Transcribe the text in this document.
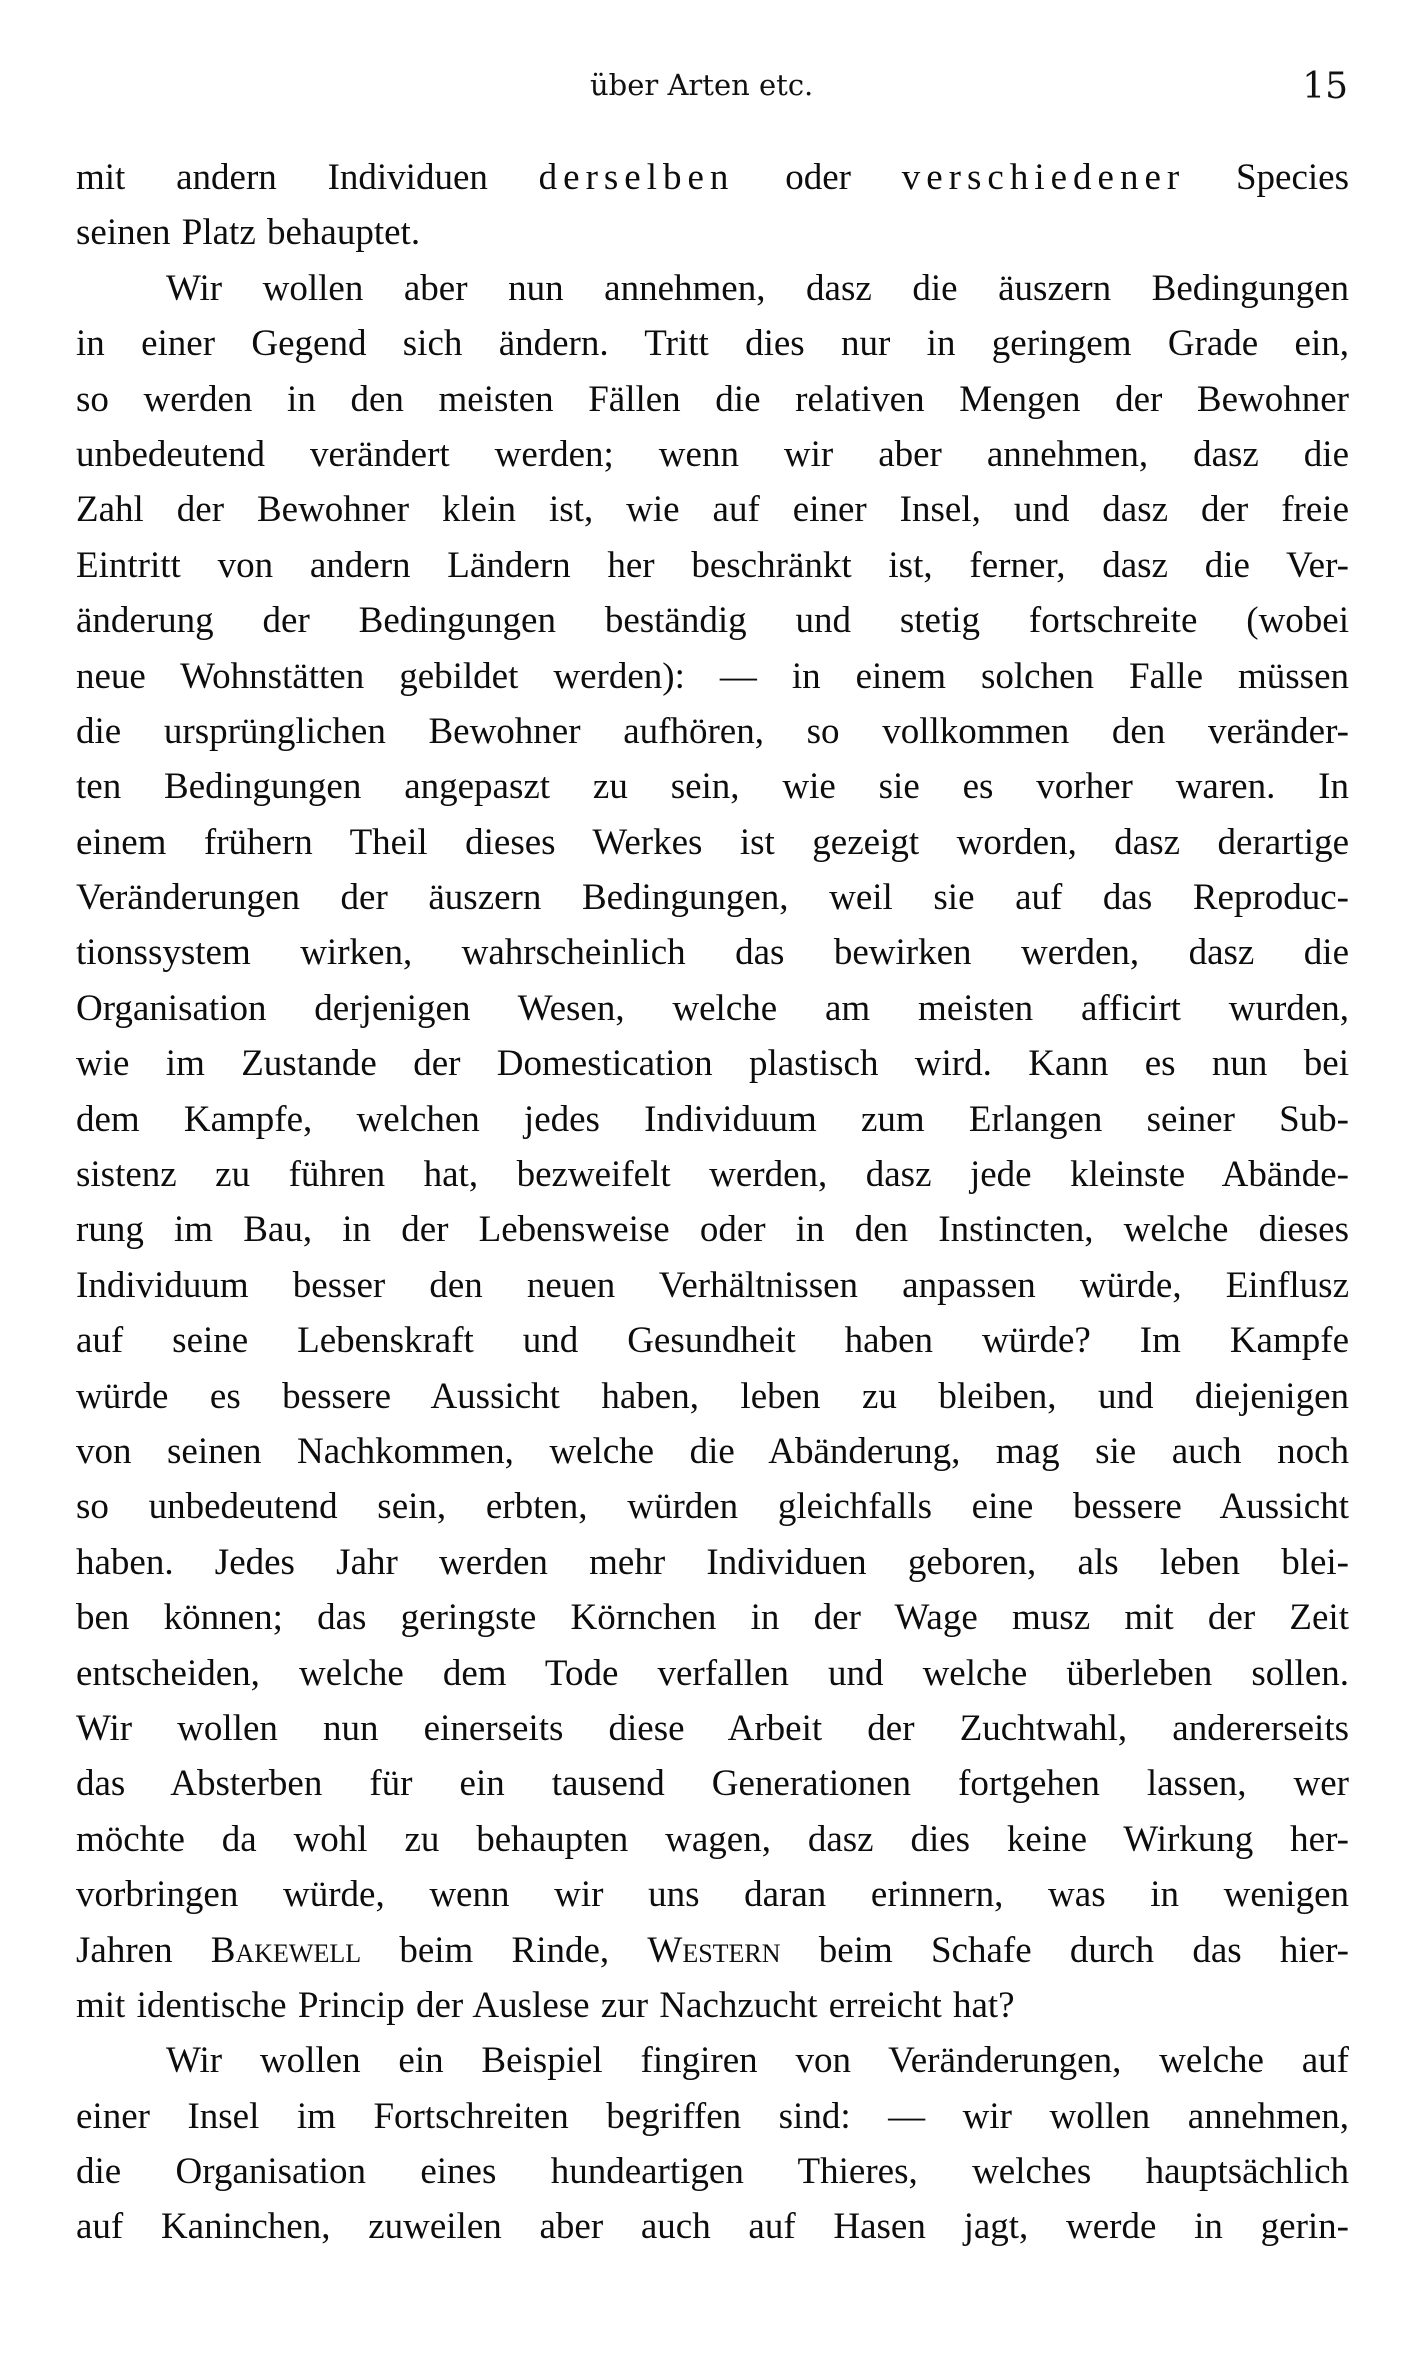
über Arten etc.	15
mit andern Individuen derselben oder verschiedener Species
seinen Platz behauptet.
Wir wollen aber nun annehmen, dasz die äuszern Bedingungen
in einer Gegend sich ändern. Tritt dies nur in geringem Grade ein,
so werden in den meisten Fällen die relativen Mengen der Bewohner
unbedeutend verändert werden; wenn wir aber annehmen, dasz die
Zahl der Bewohner klein ist, wie auf einer Insel, und dasz der freie
Eintritt von andern Ländern her beschränkt ist, ferner, dasz die Ver-
änderung der Bedingungen beständig und stetig fortschreite (wobei
neue Wohnstätten gebildet werden): — in einem solchen Falle müssen
die ursprünglichen Bewohner aufhören, so vollkommen den veränder-
ten Bedingungen angepaszt zu sein, wie sie es vorher waren. In
einem frühern Theil dieses Werkes ist gezeigt worden, dasz derartige
Veränderungen der äuszern Bedingungen, weil sie auf das Reproduc-
tionssystem wirken, wahrscheinlich das bewirken werden, dasz die
Organisation derjenigen Wesen, welche am meisten afficirt wurden,
wie im Zustande der Domestication plastisch wird. Kann es nun bei
dem Kampfe, welchen jedes Individuum zum Erlangen seiner Sub-
sistenz zu führen hat, bezweifelt werden, dasz jede kleinste Abände-
rung im Bau, in der Lebensweise oder in den Instincten, welche dieses
Individuum besser den neuen Verhältnissen anpassen würde, Einflusz
auf seine Lebenskraft und Gesundheit haben würde? Im Kampfe
würde es bessere Aussicht haben, leben zu bleiben, und diejenigen
von seinen Nachkommen, welche die Abänderung, mag sie auch noch
so unbedeutend sein, erbten, würden gleichfalls eine bessere Aussicht
haben. Jedes Jahr werden mehr Individuen geboren, als leben blei-
ben können; das geringste Körnchen in der Wage musz mit der Zeit
entscheiden, welche dem Tode verfallen und welche überleben sollen.
Wir wollen nun einerseits diese Arbeit der Zuchtwahl, andererseits
das Absterben für ein tausend Generationen fortgehen lassen, wer
möchte da wohl zu behaupten wagen, dasz dies keine Wirkung her-
vorbringen würde, wenn wir uns daran erinnern, was in wenigen
Jahren Bakewell beim Rinde, Western beim Schafe durch das hier-
mit identische Princip der Auslese zur Nachzucht erreicht hat?
Wir wollen ein Beispiel fingiren von Veränderungen, welche auf
einer Insel im Fortschreiten begriffen sind: — wir wollen annehmen,
die Organisation eines hundeartigen Thieres, welches hauptsächlich
auf Kaninchen, zuweilen aber auch auf Hasen jagt, werde in gerin-
